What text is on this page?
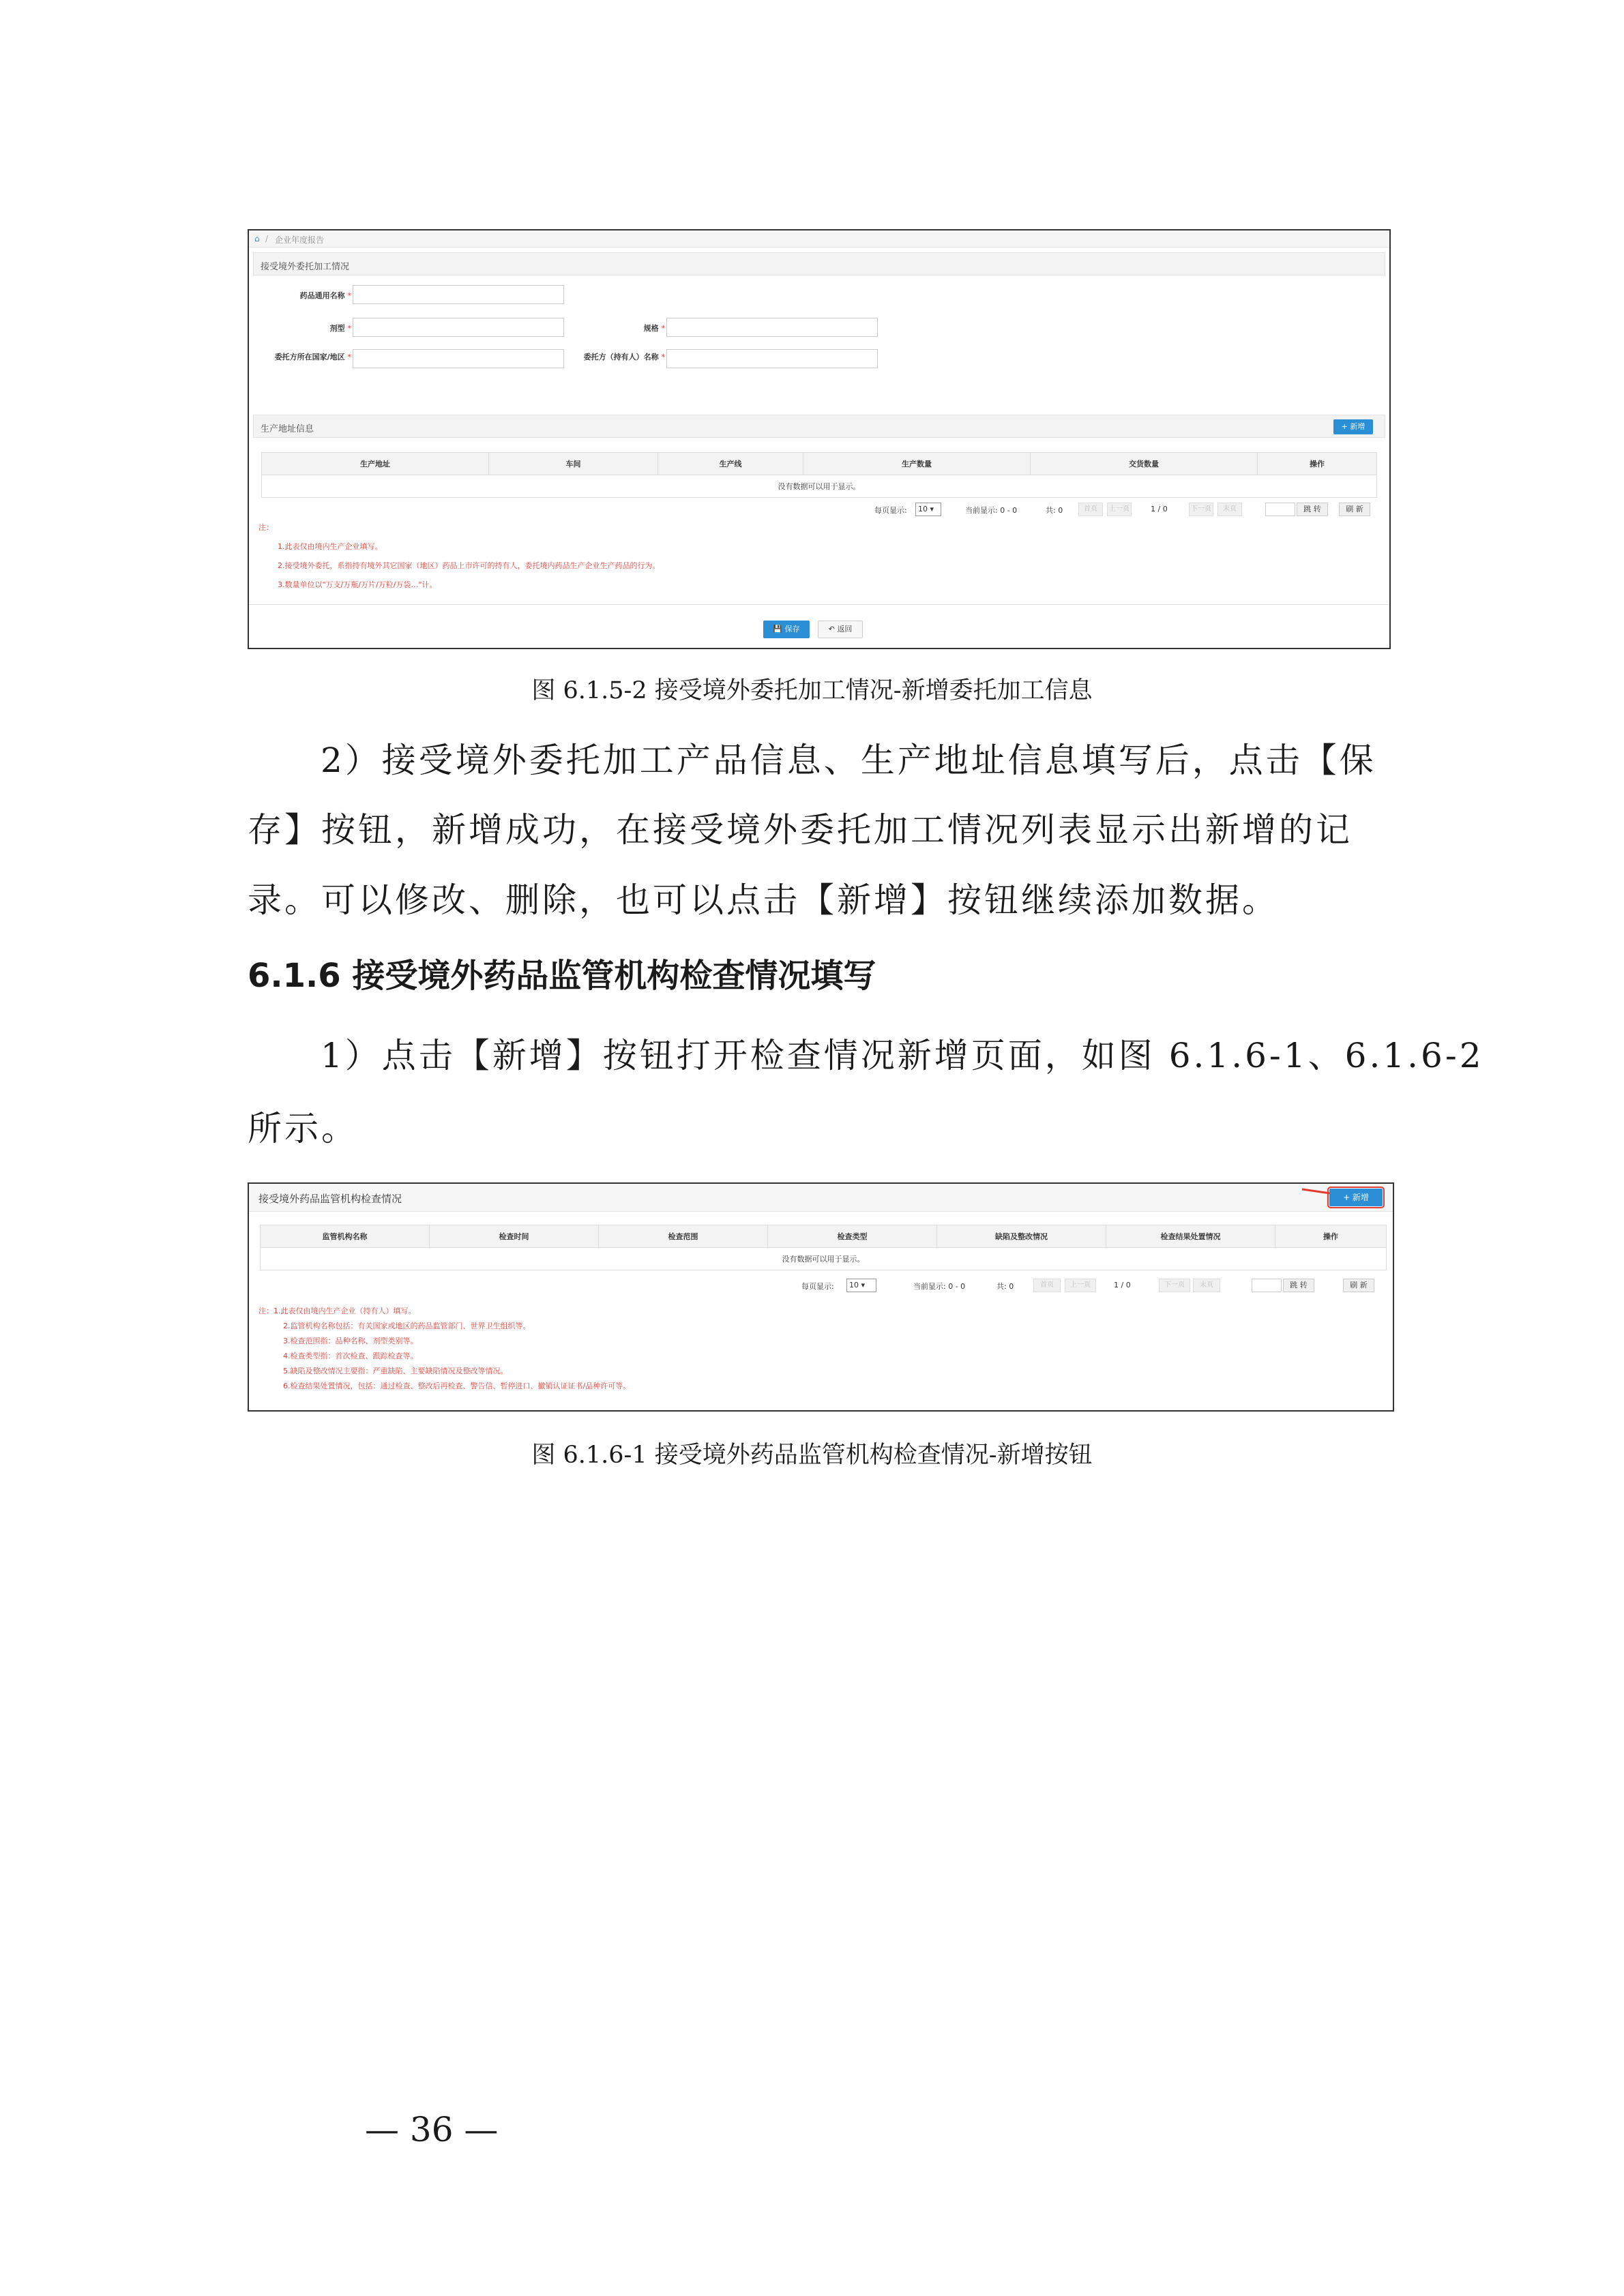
⌂ / 企业年度报告
接受境外委托加工情况
药品通用名称 *
剂型 *	规格 *
委托方所在国家/地区 *	委托方（持有人）名称 *
生产地址信息	+ 新增
生产地址	车间	生产线	生产数量	交货数量	操作
没有数据可以用于显示。
每页显示:	10 ▾	当前显示: 0 - 0	共: 0	首页	上一页	1 / 0	下一页	末页	跳 转	刷 新
注：
1.此表仅由境内生产企业填写。
2.接受境外委托，系指持有境外其它国家（地区）药品上市许可的持有人，委托境内药品生产企业生产药品的行为。
3.数量单位以"万支/万瓶/万片/万粒/万袋…"计。
💾 保存	↶ 返回
图 6.1.5-2 接受境外委托加工情况-新增委托加工信息
2）接受境外委托加工产品信息、生产地址信息填写后，点击【保
存】按钮，新增成功，在接受境外委托加工情况列表显示出新增的记
录。可以修改、删除，也可以点击【新增】按钮继续添加数据。
6.1.6 接受境外药品监管机构检查情况填写
1）点击【新增】按钮打开检查情况新增页面，如图 6.1.6-1、6.1.6-2
所示。
接受境外药品监管机构检查情况	+ 新增
监管机构名称	检查时间	检查范围	检查类型	缺陷及整改情况	检查结果处置情况	操作
没有数据可以用于显示。
每页显示:	10 ▾	当前显示: 0 - 0	共: 0	首页	上一页	1 / 0	下一页	末页	跳 转	刷 新
注：1.此表仅由境内生产企业（持有人）填写。
2.监管机构名称包括：有关国家或地区的药品监管部门、世界卫生组织等。
3.检查范围指：品种名称、剂型类别等。
4.检查类型指：首次检查、跟踪检查等。
5.缺陷及整改情况主要指：严重缺陷、主要缺陷情况及整改等情况。
6.检查结果处置情况，包括：通过检查、整改后再检查、警告信、暂停进口、撤销认证证书/品种许可等。
图 6.1.6-1 接受境外药品监管机构检查情况-新增按钮
— 36 —
